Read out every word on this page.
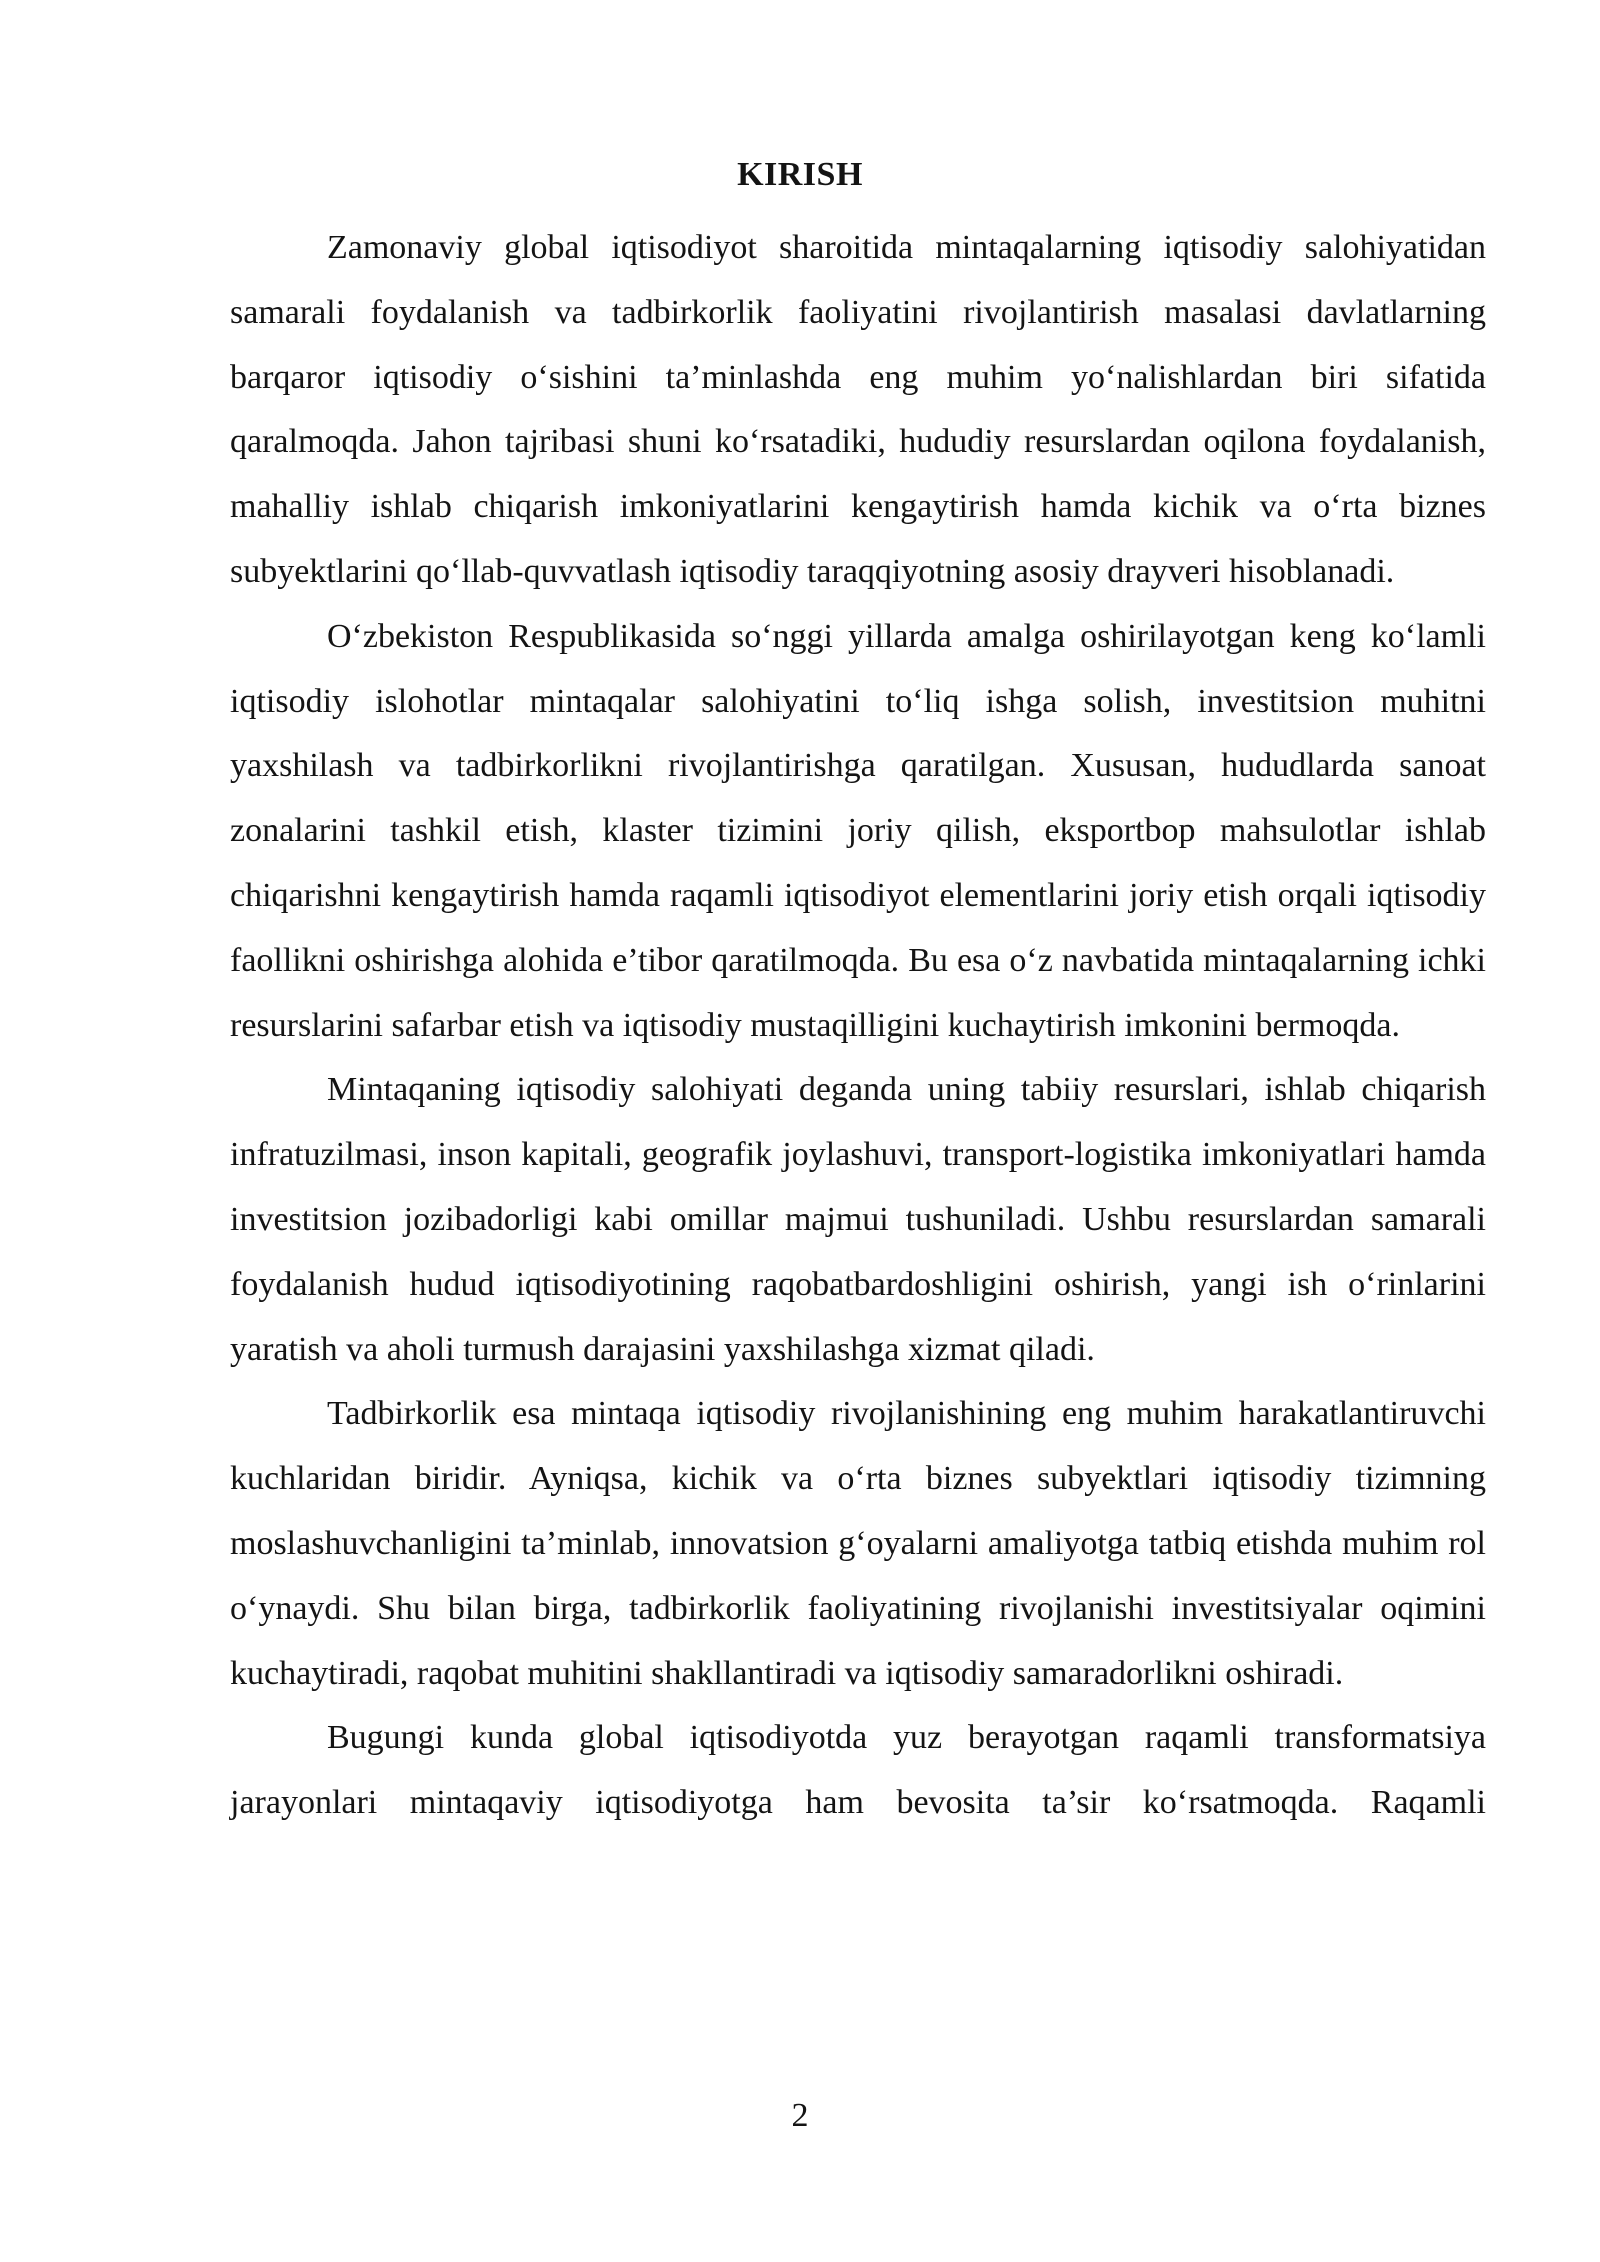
KIRISH

Zamonaviy global iqtisodiyot sharoitida mintaqalarning iqtisodiy salohiyatidan samarali foydalanish va tadbirkorlik faoliyatini rivojlantirish masalasi davlatlarning barqaror iqtisodiy o‘sishini ta’minlashda eng muhim yo‘nalishlardan biri sifatida qaralmoqda. Jahon tajribasi shuni ko‘rsatadiki, hududiy resurslardan oqilona foydalanish, mahalliy ishlab chiqarish imkoniyatlarini kengaytirish hamda kichik va o‘rta biznes subyektlarini qo‘llab-quvvatlash iqtisodiy taraqqiyotning asosiy drayveri hisoblanadi.

O‘zbekiston Respublikasida so‘nggi yillarda amalga oshirilayotgan keng ko‘lamli iqtisodiy islohotlar mintaqalar salohiyatini to‘liq ishga solish, investitsion muhitni yaxshilash va tadbirkorlikni rivojlantirishga qaratilgan. Xususan, hududlarda sanoat zonalarini tashkil etish, klaster tizimini joriy qilish, eksportbop mahsulotlar ishlab chiqarishni kengaytirish hamda raqamli iqtisodiyot elementlarini joriy etish orqali iqtisodiy faollikni oshirishga alohida e’tibor qaratilmoqda. Bu esa o‘z navbatida mintaqalarning ichki resurslarini safarbar etish va iqtisodiy mustaqilligini kuchaytirish imkonini bermoqda.

Mintaqaning iqtisodiy salohiyati deganda uning tabiiy resurslari, ishlab chiqarish infratuzilmasi, inson kapitali, geografik joylashuvi, transport-logistika imkoniyatlari hamda investitsion jozibadorligi kabi omillar majmui tushuniladi. Ushbu resurslardan samarali foydalanish hudud iqtisodiyotining raqobatbardoshligini oshirish, yangi ish o‘rinlarini yaratish va aholi turmush darajasini yaxshilashga xizmat qiladi.

Tadbirkorlik esa mintaqa iqtisodiy rivojlanishining eng muhim harakatlantiruvchi kuchlaridan biridir. Ayniqsa, kichik va o‘rta biznes subyektlari iqtisodiy tizimning moslashuvchanligini ta’minlab, innovatsion g‘oyalarni amaliyotga tatbiq etishda muhim rol o‘ynaydi. Shu bilan birga, tadbirkorlik faoliyatining rivojlanishi investitsiyalar oqimini kuchaytiradi, raqobat muhitini shakllantiradi va iqtisodiy samaradorlikni oshiradi.

Bugungi kunda global iqtisodiyotda yuz berayotgan raqamli transformatsiya jarayonlari mintaqaviy iqtisodiyotga ham bevosita ta’sir ko‘rsatmoqda. Raqamli

2
